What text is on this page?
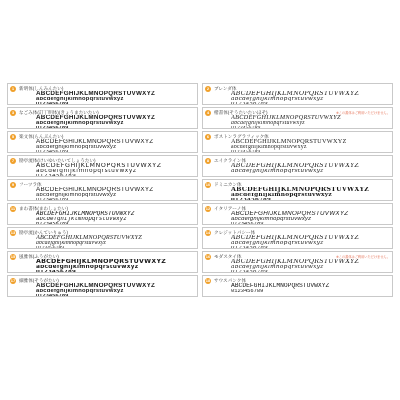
1	新明体(しんみんたい)
ABCDEFGHIJKLMNOPQRSTUVWXYZ
abcdefghijklmnopqrstuvwxyz
0123456789
2	ブレンダ体
ABCDEFGHIJKLMNOPQRSTUVWXYZ
abcdefghijklmnopqrstuvwxyz
0123456789
3	なごみ体(訂丁明体)(きょうまたいたい)
ABCDEFGHIJKLMNOPQRSTUVWXYZ
abcdefghijklmnopqrstuvwxyz
0123456789
4	楷書体(そうたいたいほそ)	※この書体はご利用いただけません。
ABCDEFGHIJKLMNOPQRSTUVWXYZ
abcdefghijklmnopqrstuvwxyz
0123456789
5	楽文体(らんぶんたい)
ABCDEFGHIJKLMNOPQRSTUVWXYZ
abcdefghijklmnopqrstuvwxyz
0123456789
6	ボストンラグラフィック体
ABCDEFGHIJKLMNOPQRSTUVWXYZ
abcdefghijklmnopqrstuvwxyz
0123456789
7	勘亭流体(けいゆいたいてしょうたい)
ABCDEFGHIJKLMNOPQRSTUVWXYZ
abcdefghijklmnopqrstuvwxyz
0123456789
8	エイクライン体
ABCDEFGHIJKLMNOPQRSTUVWXYZ
abcdefghijklmnopqrstuvwxyz
9	フーツラ体
ABCDEFGHIJKLMNOPQRSTUVWXYZ
abcdefghijklmnopqrstuvwxyz
0123456789
10 ドミニカン体
ABCDEFGHIJKLMNOPQRSTUVWXYZ
abcdefghijklmnopqrstuvwxyz
0123456789
11 まわ書体(まわしょたい)
ABCDEFGHIJKLMNOPQRSTUVWXYZ
abcdefghijklmnopqrstuvwxyz
0123456789
12 イタリアーノ体
ABCDEFGHIJKLMNOPQRSTUVWXYZ
abcdefghijklmnopqrstuvwxyz
0123456789
13 勘亭流(かんていりゅう)
ABCDEFGHIJKLMNOPQRSTUVWXYZ
abcdefghijklmnopqrstuvwxyz
0123456789
14 クレジットパシー体
ABCDEFGHIJKLMNOPQRSTUVWXYZ
abcdefghijklmnopqrstuvwxyz
0123456789
15 風雅体(ふうがたい)
ABCDEFGHIJKLMNOPQRSTUVWXYZ
abcdefghijklmnopqrstuvwxyz
0123456789
16 モダスタイ体	※この書体はご利用いただけません。
ABCDEFGHIJKLMNOPQRSTUVWXYZ
abcdefghijklmnopqrstuvwxyz
0123456789
17 細雅体(そうがたい)
ABCDEFGHIJKLMNOPQRSTUVWXYZ
abcdefghijklmnopqrstuvwxyz
0123456789
18 サウスパンク体
ABCDEFGHIJKLMNOPQRSTUVWXYZ
0123456789
